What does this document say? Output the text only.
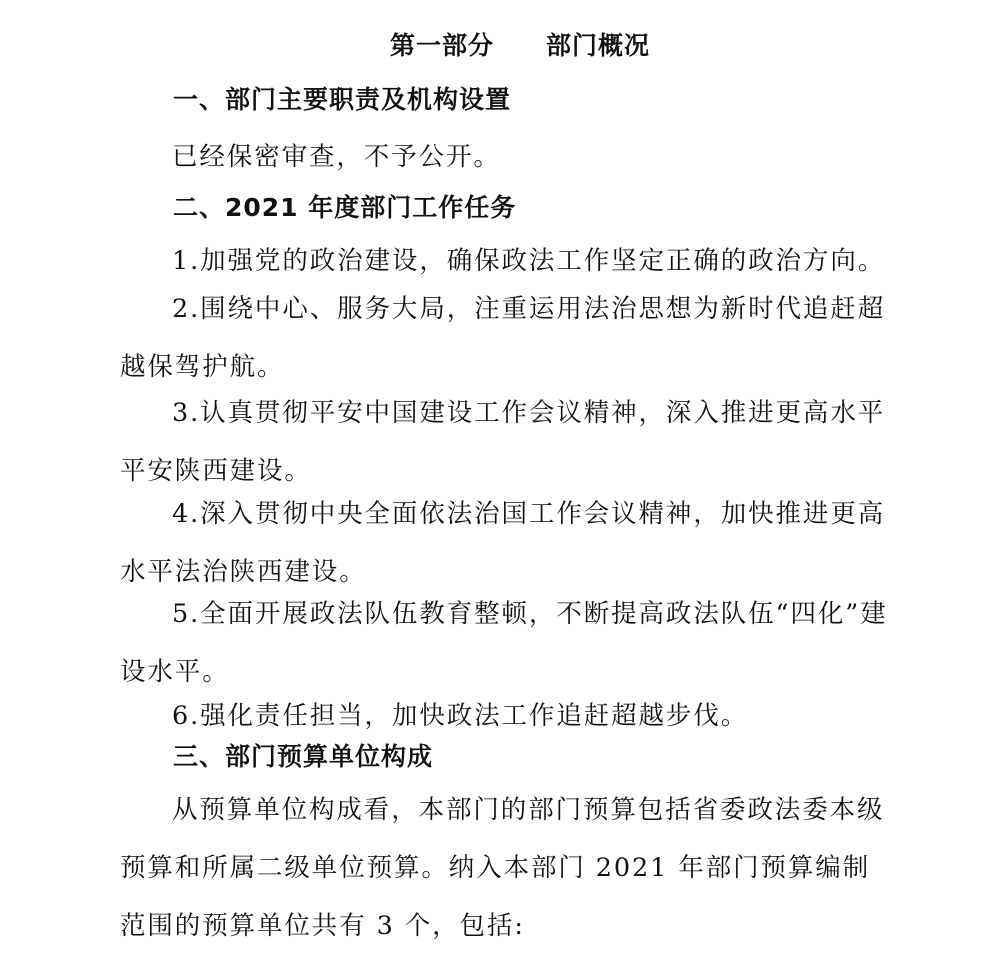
第一部分　　部门概况
一、部门主要职责及机构设置

已经保密审查，不予公开。

二、2021 年度部门工作任务

1.加强党的政治建设，确保政法工作坚定正确的政治方向。

2.围绕中心、服务大局，注重运用法治思想为新时代追赶超越保驾护航。

3.认真贯彻平安中国建设工作会议精神，深入推进更高水平平安陕西建设。

4.深入贯彻中央全面依法治国工作会议精神，加快推进更高水平法治陕西建设。

5.全面开展政法队伍教育整顿，不断提高政法队伍“四化”建设水平。

6.强化责任担当，加快政法工作追赶超越步伐。

三、部门预算单位构成

从预算单位构成看，本部门的部门预算包括省委政法委本级预算和所属二级单位预算。纳入本部门 2021 年部门预算编制范围的预算单位共有 3 个，包括:
